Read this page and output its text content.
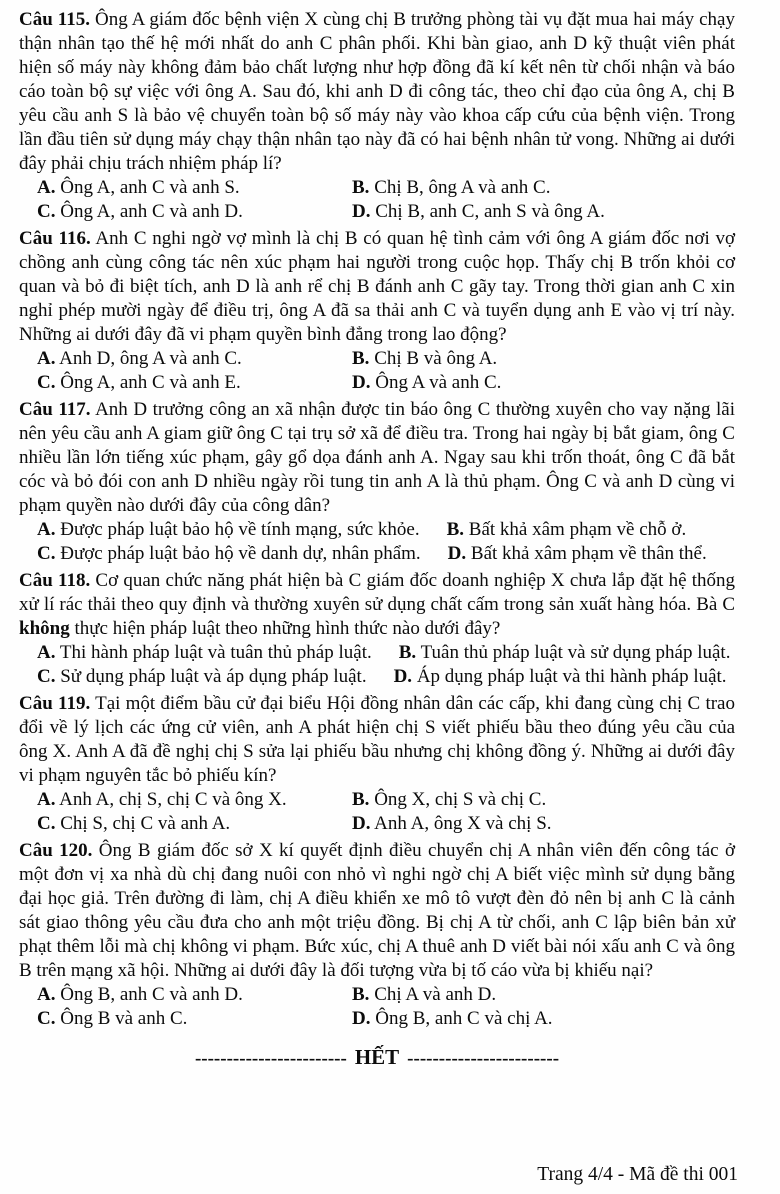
Câu 115. Ông A giám đốc bệnh viện X cùng chị B trưởng phòng tài vụ đặt mua hai máy chạy thận nhân tạo thế hệ mới nhất do anh C phân phối. Khi bàn giao, anh D kỹ thuật viên phát hiện số máy này không đảm bảo chất lượng như hợp đồng đã kí kết nên từ chối nhận và báo cáo toàn bộ sự việc với ông A. Sau đó, khi anh D đi công tác, theo chỉ đạo của ông A, chị B yêu cầu anh S là bảo vệ chuyển toàn bộ số máy này vào khoa cấp cứu của bệnh viện. Trong lần đầu tiên sử dụng máy chạy thận nhân tạo này đã có hai bệnh nhân tử vong. Những ai dưới đây phải chịu trách nhiệm pháp lí?

A. Ông A, anh C và anh S.	B. Chị B, ông A và anh C.

C. Ông A, anh C và anh D.	D. Chị B, anh C, anh S và ông A.

Câu 116. Anh C nghi ngờ vợ mình là chị B có quan hệ tình cảm với ông A giám đốc nơi vợ chồng anh cùng công tác nên xúc phạm hai người trong cuộc họp. Thấy chị B trốn khỏi cơ quan và bỏ đi biệt tích, anh D là anh rể chị B đánh anh C gãy tay. Trong thời gian anh C xin nghỉ phép mười ngày để điều trị, ông A đã sa thải anh C và tuyển dụng anh E vào vị trí này. Những ai dưới đây đã vi phạm quyền bình đẳng trong lao động?

A. Anh D, ông A và anh C.	B. Chị B và ông A.

C. Ông A, anh C và anh E.	D. Ông A và anh C.

Câu 117. Anh D trưởng công an xã nhận được tin báo ông C thường xuyên cho vay nặng lãi nên yêu cầu anh A giam giữ ông C tại trụ sở xã để điều tra. Trong hai ngày bị bắt giam, ông C nhiều lần lớn tiếng xúc phạm, gây gổ dọa đánh anh A. Ngay sau khi trốn thoát, ông C đã bắt cóc và bỏ đói con anh D nhiều ngày rồi tung tin anh A là thủ phạm. Ông C và anh D cùng vi phạm quyền nào dưới đây của công dân?

A. Được pháp luật bảo hộ về tính mạng, sức khỏe.	B. Bất khả xâm phạm về chỗ ở.

C. Được pháp luật bảo hộ về danh dự, nhân phẩm.	D. Bất khả xâm phạm về thân thể.

Câu 118. Cơ quan chức năng phát hiện bà C giám đốc doanh nghiệp X chưa lắp đặt hệ thống xử lí rác thải theo quy định và thường xuyên sử dụng chất cấm trong sản xuất hàng hóa. Bà C không thực hiện pháp luật theo những hình thức nào dưới đây?

A. Thi hành pháp luật và tuân thủ pháp luật.	B. Tuân thủ pháp luật và sử dụng pháp luật.

C. Sử dụng pháp luật và áp dụng pháp luật.	D. Áp dụng pháp luật và thi hành pháp luật.

Câu 119. Tại một điểm bầu cử đại biểu Hội đồng nhân dân các cấp, khi đang cùng chị C trao đổi về lý lịch các ứng cử viên, anh A phát hiện chị S viết phiếu bầu theo đúng yêu cầu của ông X. Anh A đã đề nghị chị S sửa lại phiếu bầu nhưng chị không đồng ý. Những ai dưới đây vi phạm nguyên tắc bỏ phiếu kín?

A. Anh A, chị S, chị C và ông X.	B. Ông X, chị S và chị C.

C. Chị S, chị C và anh A.	D. Anh A, ông X và chị S.

Câu 120. Ông B giám đốc sở X kí quyết định điều chuyển chị A nhân viên đến công tác ở một đơn vị xa nhà dù chị đang nuôi con nhỏ vì nghi ngờ chị A biết việc mình sử dụng bằng đại học giả. Trên đường đi làm, chị A điều khiển xe mô tô vượt đèn đỏ nên bị anh C là cảnh sát giao thông yêu cầu đưa cho anh một triệu đồng. Bị chị A từ chối, anh C lập biên bản xử phạt thêm lỗi mà chị không vi phạm. Bức xúc, chị A thuê anh D viết bài nói xấu anh C và ông B trên mạng xã hội. Những ai dưới đây là đối tượng vừa bị tố cáo vừa bị khiếu nại?

A. Ông B, anh C và anh D.	B. Chị A và anh D.

C. Ông B và anh C.	D. Ông B, anh C và chị A.

------------------------ HẾT ------------------------

Trang 4/4 - Mã đề thi 001
